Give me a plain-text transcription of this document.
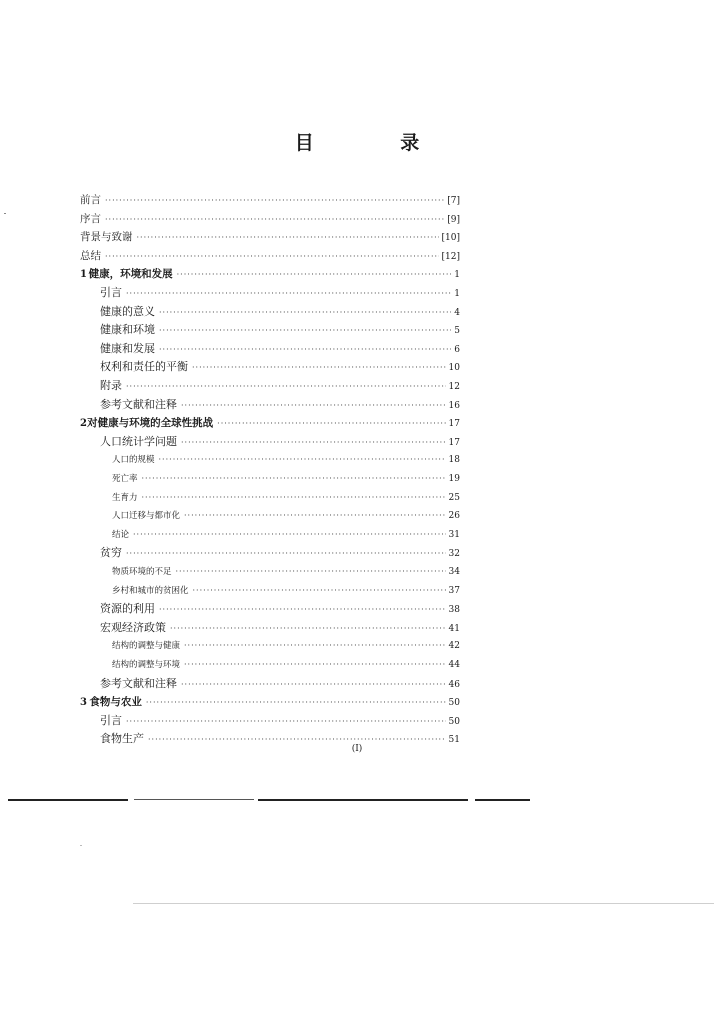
目 录
前言 ·····	[7]
序言 ·····	[9]
背景与致谢 ·····	[10]
总结 ·····	[12]
1 健康，环境和发展 ·····	1
引言 ·····	1
健康的意义 ·····	4
健康和环境 ·····	5
健康和发展 ·····	6
权利和责任的平衡 ·····	10
附录 ·····	12
参考文献和注释 ·····	16
2 对健康与环境的全球性挑战 ·····	17
人口统计学问题 ·····	17
人口的规模 ·····	18
死亡率 ·····	19
生育力 ·····	25
人口迁移与都市化 ·····	26
结论 ·····	31
贫穷 ·····	32
物质环境的不足 ·····	34
乡村和城市的贫困化 ·····	37
资源的利用 ·····	38
宏观经济政策 ·····	41
结构的调整与健康 ·····	42
结构的调整与环境 ·····	44
参考文献和注释 ·····	46
3 食物与农业 ·····	50
引言 ·····	50
食物生产 ·····	51
(I)
